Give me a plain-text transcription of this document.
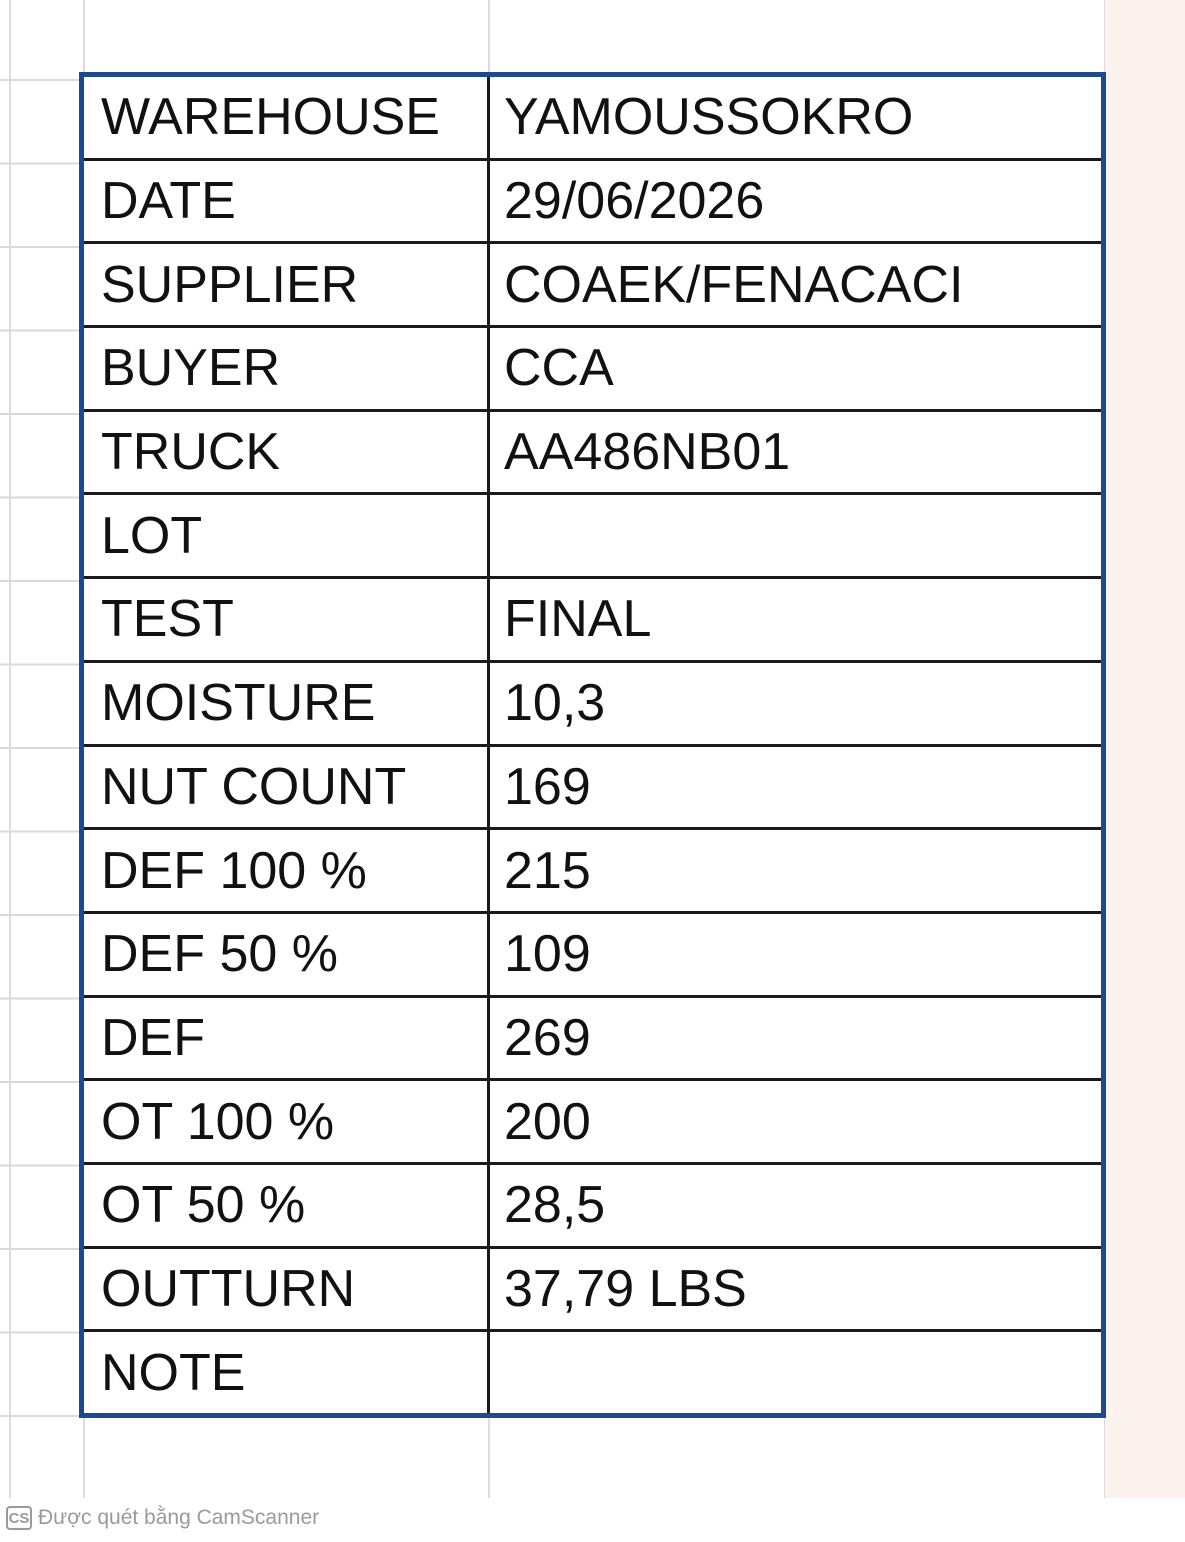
WAREHOUSE	YAMOUSSOKRO
DATE	29/06/2026
SUPPLIER	COAEK/FENACACI
BUYER	CCA
TRUCK	AA486NB01
LOT
TEST	FINAL
MOISTURE	10,3
NUT COUNT	169
DEF 100 %	215
DEF 50 %	109
DEF	269
OT 100 %	200
OT 50 %	28,5
OUTTURN	37,79 LBS
NOTE
CS Được quét bằng CamScanner
